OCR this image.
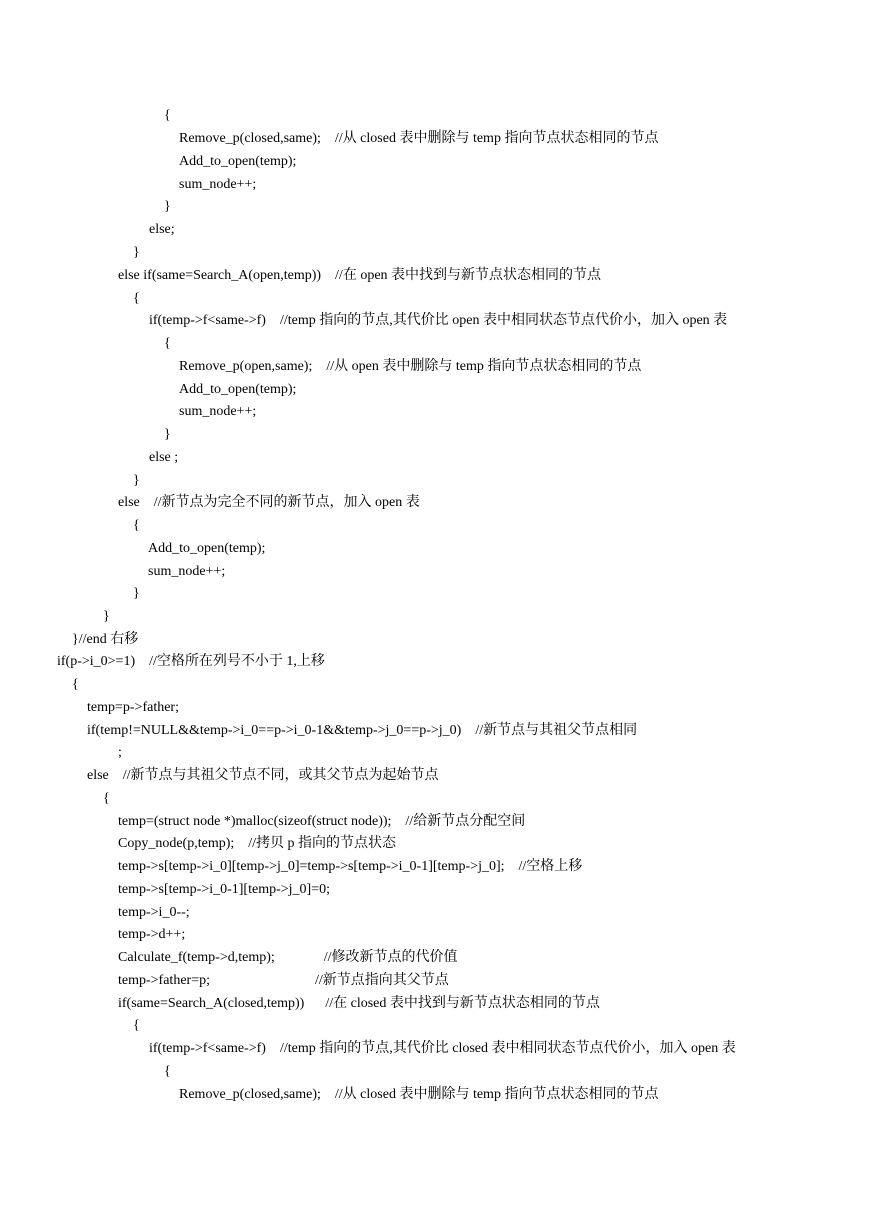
{
Remove_p(closed,same);    //从 closed 表中删除与 temp 指向节点状态相同的节点
Add_to_open(temp);
sum_node++;
}
else;
}
else if(same=Search_A(open,temp))    //在 open 表中找到与新节点状态相同的节点
{
if(temp->f<same->f)    //temp 指向的节点,其代价比 open 表中相同状态节点代价小，加入 open 表
{
Remove_p(open,same);    //从 open 表中删除与 temp 指向节点状态相同的节点
Add_to_open(temp);
sum_node++;
}
else ;
}
else    //新节点为完全不同的新节点，加入 open 表
{
Add_to_open(temp);
sum_node++;
}
}
}//end 右移
if(p->i_0>=1)    //空格所在列号不小于 1,上移
{
temp=p->father;
if(temp!=NULL&&temp->i_0==p->i_0-1&&temp->j_0==p->j_0)    //新节点与其祖父节点相同
;
else    //新节点与其祖父节点不同，或其父节点为起始节点
{
temp=(struct node *)malloc(sizeof(struct node));    //给新节点分配空间
Copy_node(p,temp);    //拷贝 p 指向的节点状态
temp->s[temp->i_0][temp->j_0]=temp->s[temp->i_0-1][temp->j_0];    //空格上移
temp->s[temp->i_0-1][temp->j_0]=0;
temp->i_0--;
temp->d++;
Calculate_f(temp->d,temp);              //修改新节点的代价值
temp->father=p;                              //新节点指向其父节点
if(same=Search_A(closed,temp))      //在 closed 表中找到与新节点状态相同的节点
{
if(temp->f<same->f)    //temp 指向的节点,其代价比 closed 表中相同状态节点代价小，加入 open 表
{
Remove_p(closed,same);    //从 closed 表中删除与 temp 指向节点状态相同的节点
